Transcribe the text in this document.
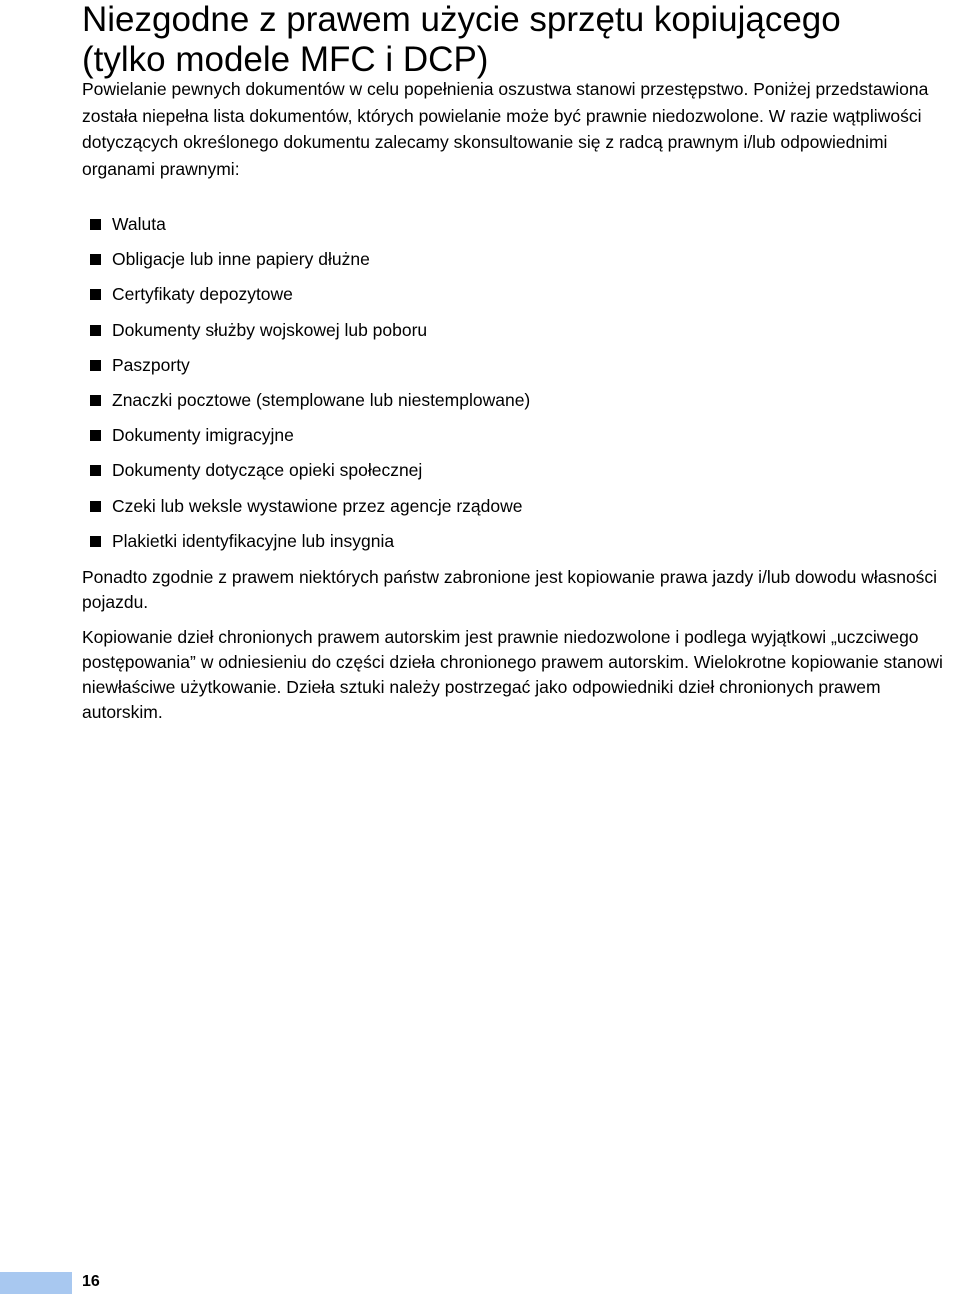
Niezgodne z prawem użycie sprzętu kopiującego
(tylko modele MFC i DCP)

Powielanie pewnych dokumentów w celu popełnienia oszustwa stanowi przestępstwo. Poniżej przedstawiona została niepełna lista dokumentów, których powielanie może być prawnie niedozwolone. W razie wątpliwości dotyczących określonego dokumentu zalecamy skonsultowanie się z radcą prawnym i/lub odpowiednimi organami prawnymi:

Waluta
Obligacje lub inne papiery dłużne
Certyfikaty depozytowe
Dokumenty służby wojskowej lub poboru
Paszporty
Znaczki pocztowe (stemplowane lub niestemplowane)
Dokumenty imigracyjne
Dokumenty dotyczące opieki społecznej
Czeki lub weksle wystawione przez agencje rządowe
Plakietki identyfikacyjne lub insygnia

Ponadto zgodnie z prawem niektórych państw zabronione jest kopiowanie prawa jazdy i/lub dowodu własności pojazdu.

Kopiowanie dzieł chronionych prawem autorskim jest prawnie niedozwolone i podlega wyjątkowi „uczciwego postępowania” w odniesieniu do części dzieła chronionego prawem autorskim. Wielokrotne kopiowanie stanowi niewłaściwe użytkowanie. Dzieła sztuki należy postrzegać jako odpowiedniki dzieł chronionych prawem autorskim.

16
